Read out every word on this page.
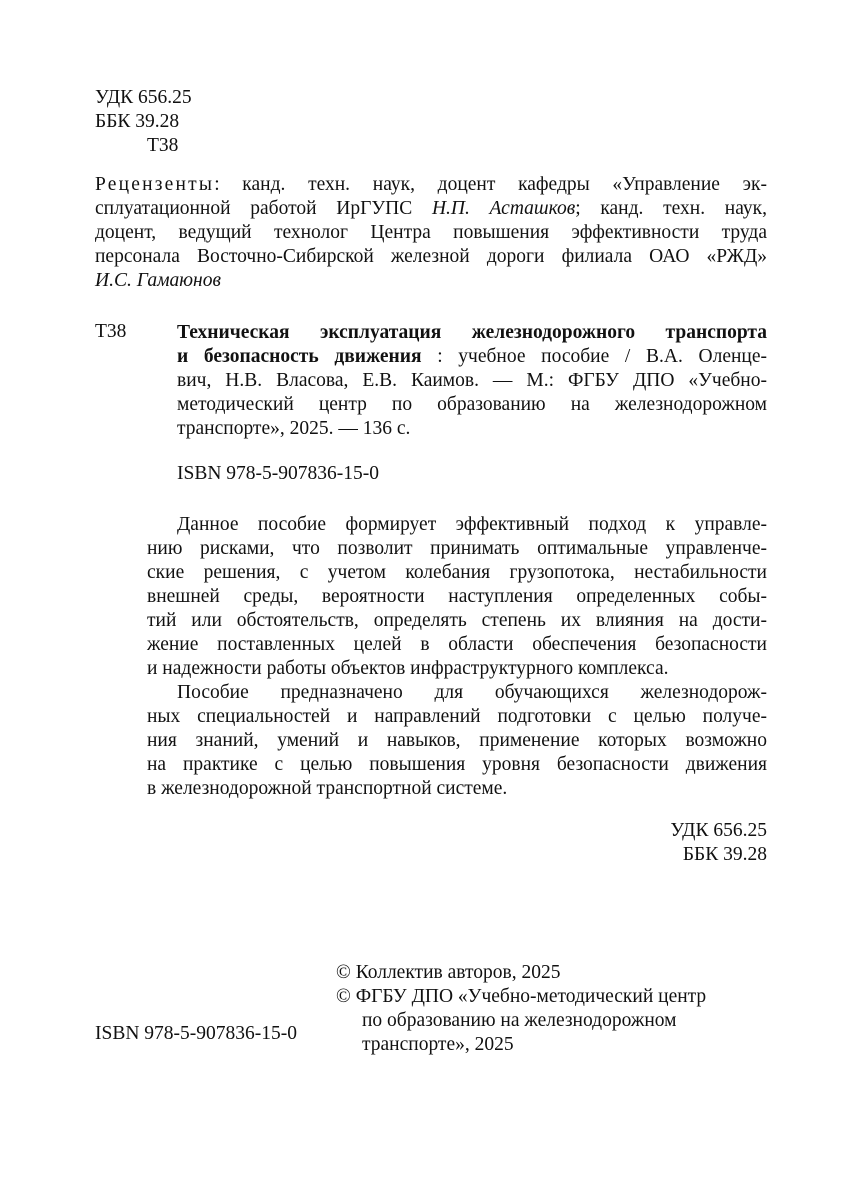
УДК 656.25
ББК 39.28
Т38
Рецензенты: канд. техн. наук, доцент кафедры «Управление эк-
сплуатационной работой ИрГУПС Н.П. Асташков; канд. техн. наук,
доцент, ведущий технолог Центра повышения эффективности труда
персонала Восточно-Сибирской железной дороги филиала ОАО «РЖД»
И.С. Гамаюнов
Т38	Техническая эксплуатация железнодорожного транспорта
и безопасность движения : учебное пособие / В.А. Оленце-
вич, Н.В. Власова, Е.В. Каимов. — М.: ФГБУ ДПО «Учебно-
методический центр по образованию на железнодорожном
транспорте», 2025. — 136 с.
ISBN 978-5-907836-15-0
Данное пособие формирует эффективный подход к управле-
нию рисками, что позволит принимать оптимальные управленче-
ские решения, с учетом колебания грузопотока, нестабильности
внешней среды, вероятности наступления определенных собы-
тий или обстоятельств, определять степень их влияния на дости-
жение поставленных целей в области обеспечения безопасности
и надежности работы объектов инфраструктурного комплекса.
Пособие предназначено для обучающихся железнодорож-
ных специальностей и направлений подготовки с целью получе-
ния знаний, умений и навыков, применение которых возможно
на практике с целью повышения уровня безопасности движения
в железнодорожной транспортной системе.
УДК 656.25
ББК 39.28
ISBN 978-5-907836-15-0
© Коллектив авторов, 2025
© ФГБУ ДПО «Учебно-методический центр
по образованию на железнодорожном
транспорте», 2025
